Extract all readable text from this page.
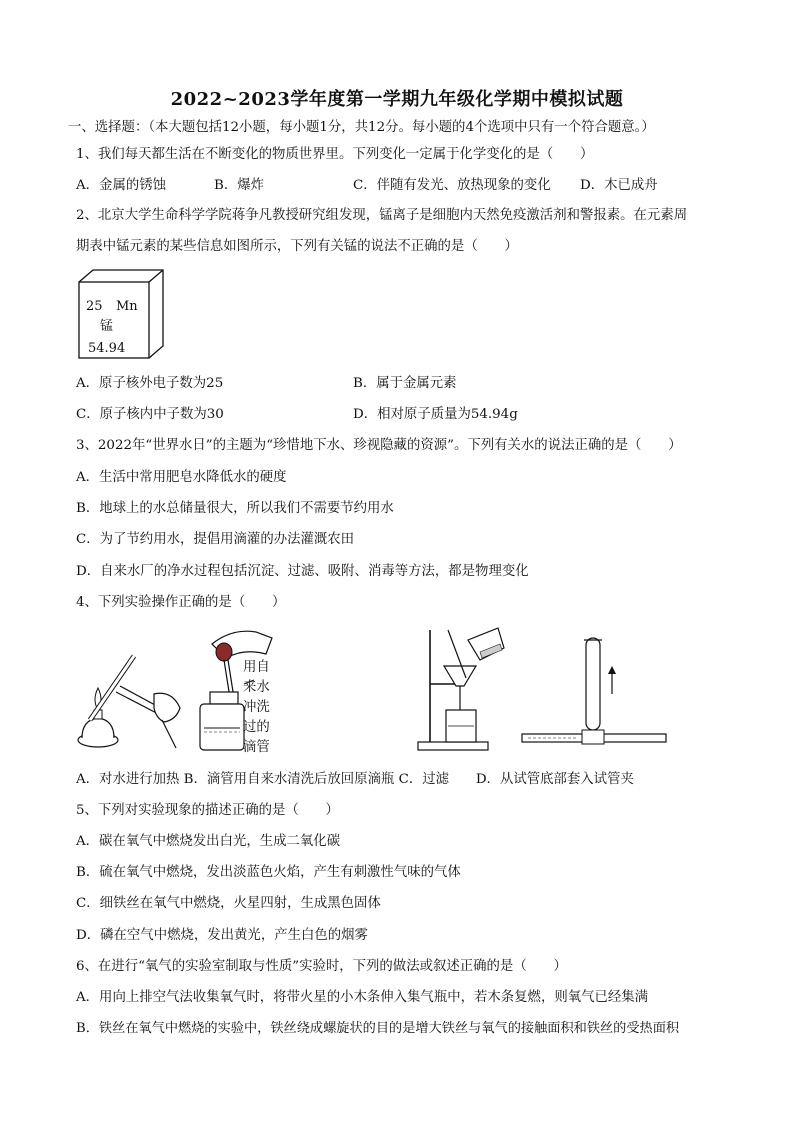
2022~2023学年度第一学期九年级化学期中模拟试题
一、选择题：（本大题包括12小题，每小题1分，共12分。每小题的4个选项中只有一个符合题意。）
1、我们每天都生活在不断变化的物质世界里。下列变化一定属于化学变化的是（　　）
A．金属的锈蚀	B．爆炸	C．伴随有发光、放热现象的变化 D．木已成舟
2、北京大学生命科学学院蒋争凡教授研究组发现，锰离子是细胞内天然免疫激活剂和警报素。在元素周
期表中锰元素的某些信息如图所示，下列有关锰的说法不正确的是（　　）
25 Mn
锰
54.94
A．原子核外电子数为25	B．属于金属元素
C．原子核内中子数为30	D．相对原子质量为54.94g
3、2022年“世界水日”的主题为“珍惜地下水、珍视隐藏的资源”。下列有关水的说法正确的是（　　）
A．生活中常用肥皂水降低水的硬度
B．地球上的水总储量很大，所以我们不需要节约用水
C．为了节约用水，提倡用滴灌的办法灌溉农田
D．自来水厂的净水过程包括沉淀、过滤、吸附、消毒等方法，都是物理变化
4、下列实验操作正确的是（　　）
用自
来水
冲洗
过的
滴管
A．对水进行加热 B．滴管用自来水清洗后放回原滴瓶 C．过滤　　D．从试管底部套入试管夹
5、下列对实验现象的描述正确的是（　　）
A．碳在氧气中燃烧发出白光，生成二氧化碳
B．硫在氧气中燃烧，发出淡蓝色火焰，产生有刺激性气味的气体
C．细铁丝在氧气中燃烧，火星四射，生成黑色固体
D．磷在空气中燃烧，发出黄光，产生白色的烟雾
6、在进行“氧气的实验室制取与性质”实验时，下列的做法或叙述正确的是（　　）
A．用向上排空气法收集氧气时，将带火星的小木条伸入集气瓶中，若木条复燃，则氧气已经集满
B．铁丝在氧气中燃烧的实验中，铁丝绕成螺旋状的目的是增大铁丝与氧气的接触面积和铁丝的受热面积
